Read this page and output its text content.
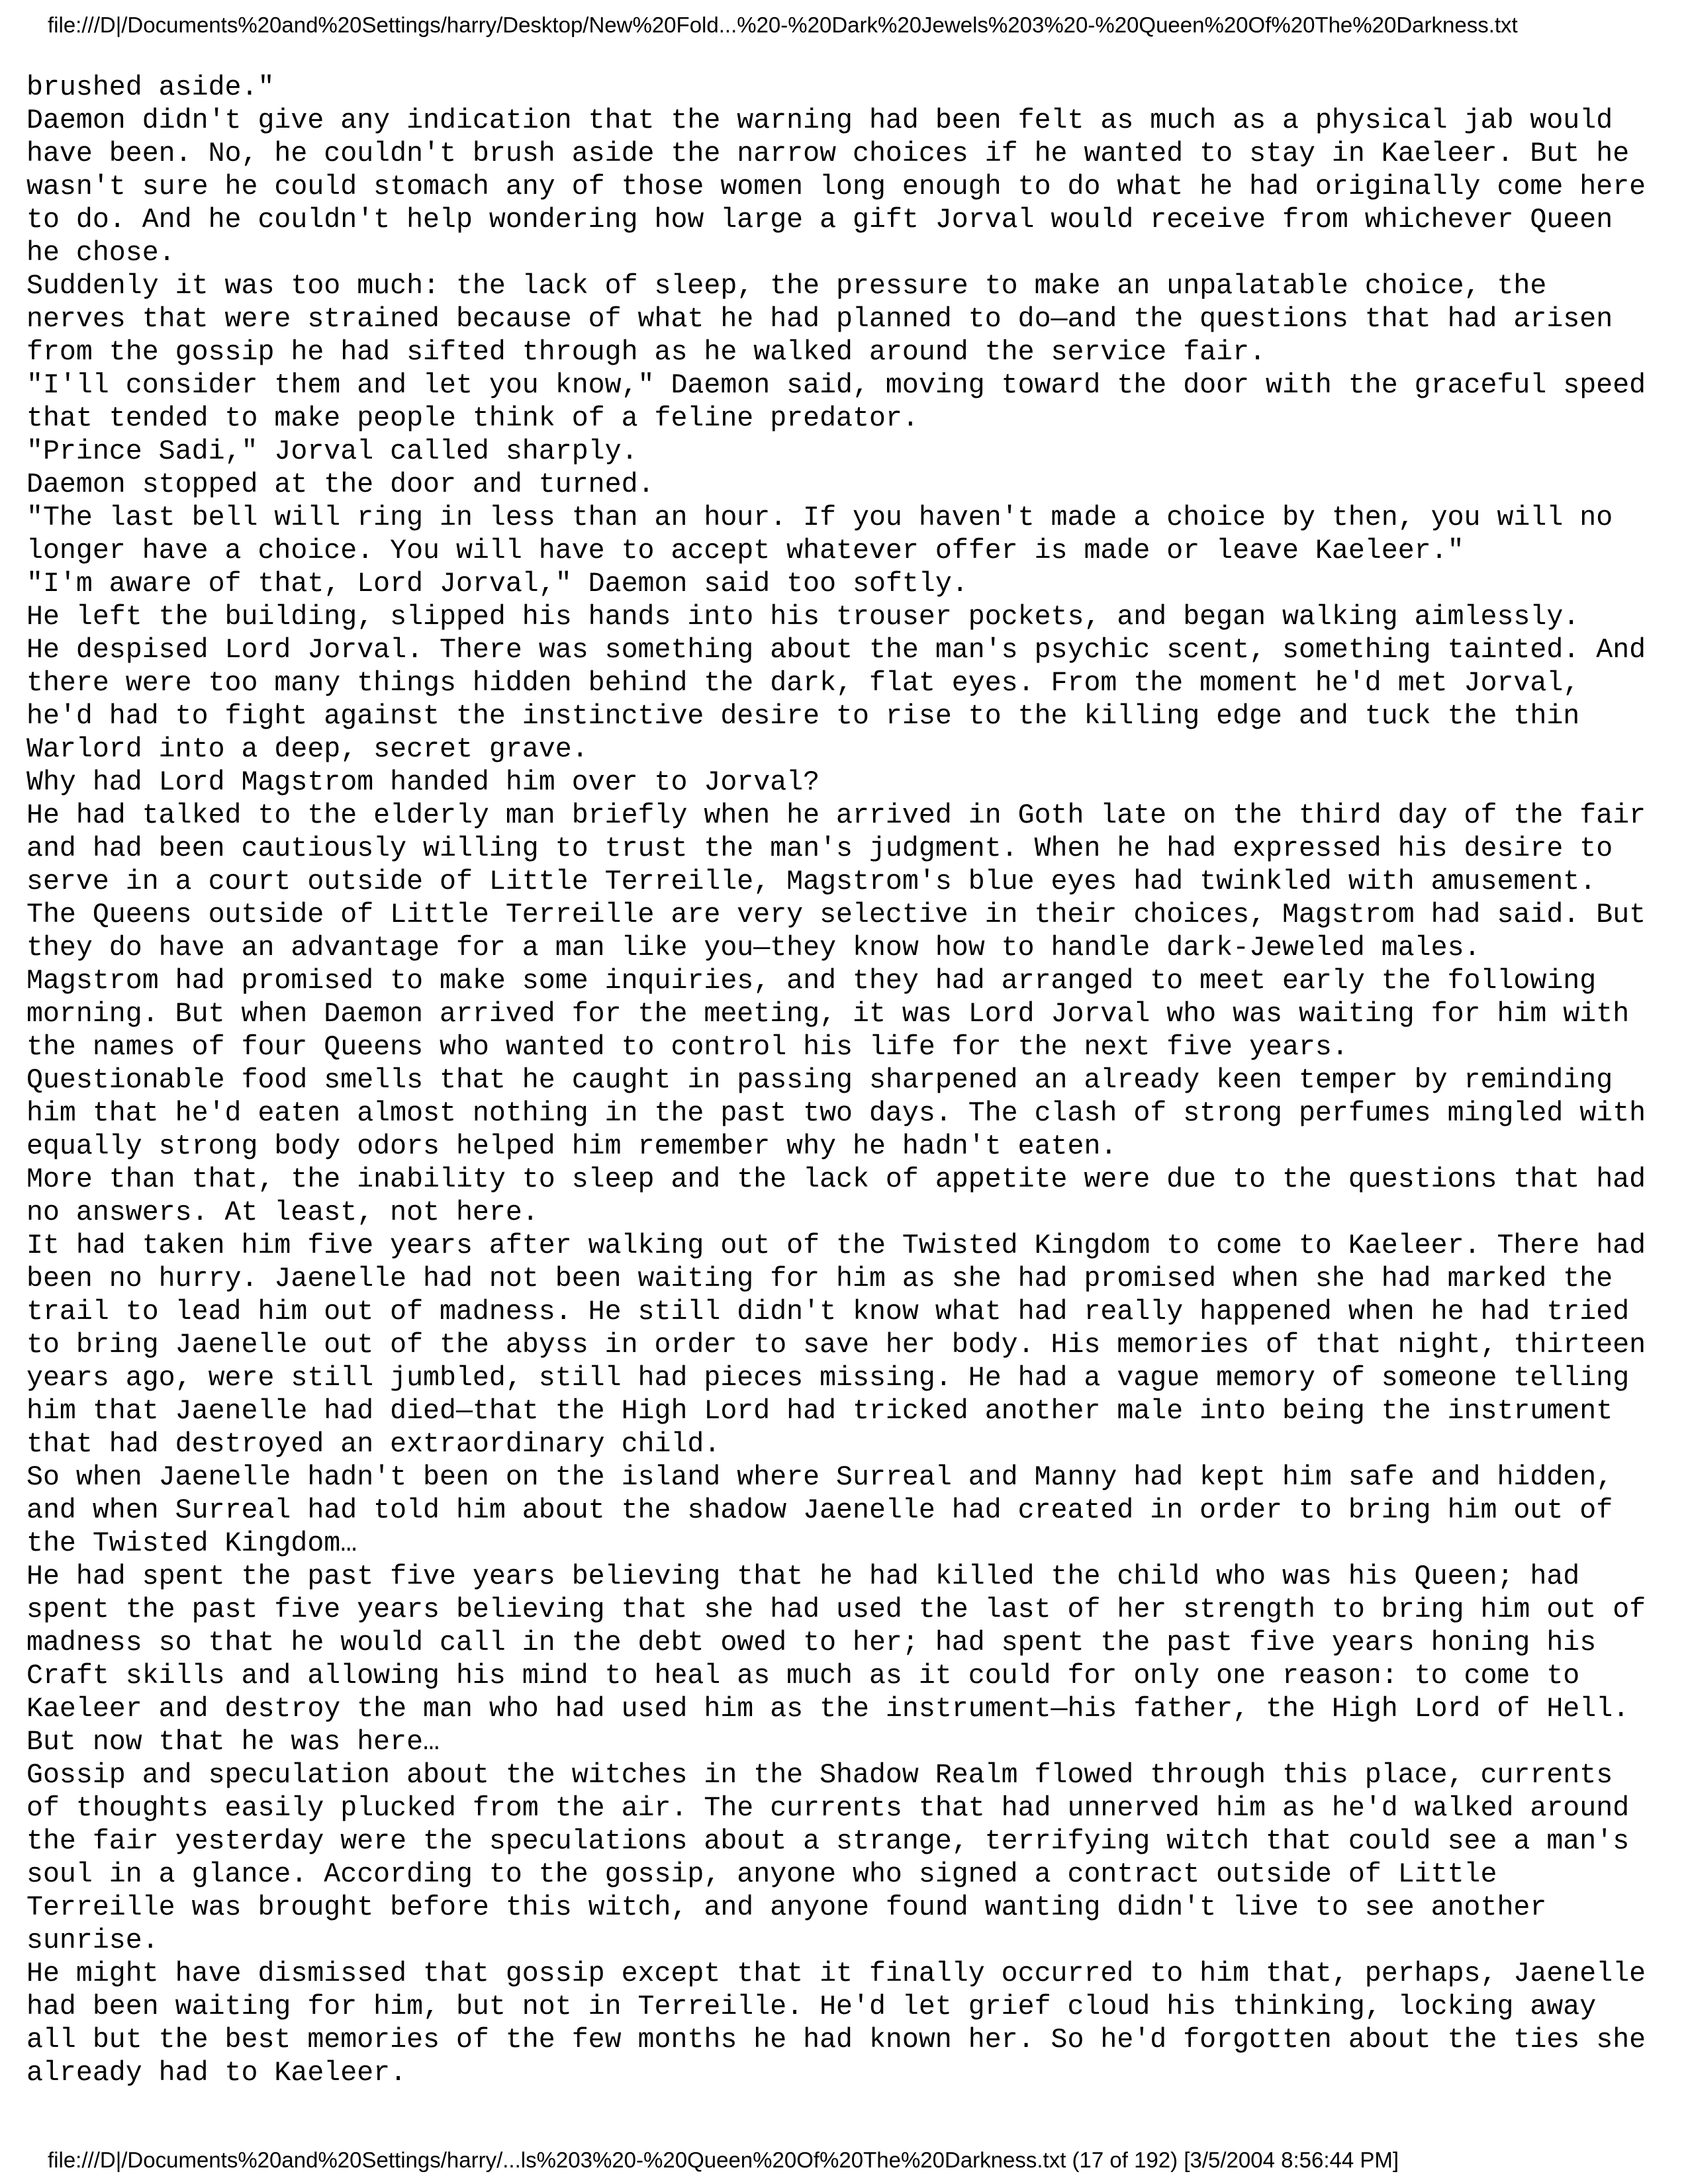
file:///D|/Documents%20and%20Settings/harry/Desktop/New%20Fold...%20-%20Dark%20Jewels%203%20-%20Queen%20Of%20The%20Darkness.txt

brushed aside."

Daemon didn't give any indication that the warning had been felt as much as a physical jab would
have been. No, he couldn't brush aside the narrow choices if he wanted to stay in Kaeleer. But he
wasn't sure he could stomach any of those women long enough to do what he had originally come here
to do. And he couldn't help wondering how large a gift Jorval would receive from whichever Queen
he chose.

Suddenly it was too much: the lack of sleep, the pressure to make an unpalatable choice, the
nerves that were strained because of what he had planned to do—and the questions that had arisen
from the gossip he had sifted through as he walked around the service fair.

"I'll consider them and let you know," Daemon said, moving toward the door with the graceful speed
that tended to make people think of a feline predator.

"Prince Sadi," Jorval called sharply.

Daemon stopped at the door and turned.

"The last bell will ring in less than an hour. If you haven't made a choice by then, you will no
longer have a choice. You will have to accept whatever offer is made or leave Kaeleer."

"I'm aware of that, Lord Jorval," Daemon said too softly.

He left the building, slipped his hands into his trouser pockets, and began walking aimlessly.

He despised Lord Jorval. There was something about the man's psychic scent, something tainted. And
there were too many things hidden behind the dark, flat eyes. From the moment he'd met Jorval,
he'd had to fight against the instinctive desire to rise to the killing edge and tuck the thin
Warlord into a deep, secret grave.

Why had Lord Magstrom handed him over to Jorval?

He had talked to the elderly man briefly when he arrived in Goth late on the third day of the fair
and had been cautiously willing to trust the man's judgment. When he had expressed his desire to
serve in a court outside of Little Terreille, Magstrom's blue eyes had twinkled with amusement.

The Queens outside of Little Terreille are very selective in their choices, Magstrom had said. But
they do have an advantage for a man like you—they know how to handle dark-Jeweled males.

Magstrom had promised to make some inquiries, and they had arranged to meet early the following
morning. But when Daemon arrived for the meeting, it was Lord Jorval who was waiting for him with
the names of four Queens who wanted to control his life for the next five years.

Questionable food smells that he caught in passing sharpened an already keen temper by reminding
him that he'd eaten almost nothing in the past two days. The clash of strong perfumes mingled with
equally strong body odors helped him remember why he hadn't eaten.

More than that, the inability to sleep and the lack of appetite were due to the questions that had
no answers. At least, not here.

It had taken him five years after walking out of the Twisted Kingdom to come to Kaeleer. There had
been no hurry. Jaenelle had not been waiting for him as she had promised when she had marked the
trail to lead him out of madness. He still didn't know what had really happened when he had tried
to bring Jaenelle out of the abyss in order to save her body. His memories of that night, thirteen
years ago, were still jumbled, still had pieces missing. He had a vague memory of someone telling
him that Jaenelle had died—that the High Lord had tricked another male into being the instrument
that had destroyed an extraordinary child.

So when Jaenelle hadn't been on the island where Surreal and Manny had kept him safe and hidden,
and when Surreal had told him about the shadow Jaenelle had created in order to bring him out of
the Twisted Kingdom…

He had spent the past five years believing that he had killed the child who was his Queen; had
spent the past five years believing that she had used the last of her strength to bring him out of
madness so that he would call in the debt owed to her; had spent the past five years honing his
Craft skills and allowing his mind to heal as much as it could for only one reason: to come to
Kaeleer and destroy the man who had used him as the instrument—his father, the High Lord of Hell.

But now that he was here…

Gossip and speculation about the witches in the Shadow Realm flowed through this place, currents
of thoughts easily plucked from the air. The currents that had unnerved him as he'd walked around
the fair yesterday were the speculations about a strange, terrifying witch that could see a man's
soul in a glance. According to the gossip, anyone who signed a contract outside of Little
Terreille was brought before this witch, and anyone found wanting didn't live to see another
sunrise.

He might have dismissed that gossip except that it finally occurred to him that, perhaps, Jaenelle
had been waiting for him, but not in Terreille. He'd let grief cloud his thinking, locking away
all but the best memories of the few months he had known her. So he'd forgotten about the ties she
already had to Kaeleer.

file:///D|/Documents%20and%20Settings/harry/...ls%203%20-%20Queen%20Of%20The%20Darkness.txt (17 of 192) [3/5/2004 8:56:44 PM]
